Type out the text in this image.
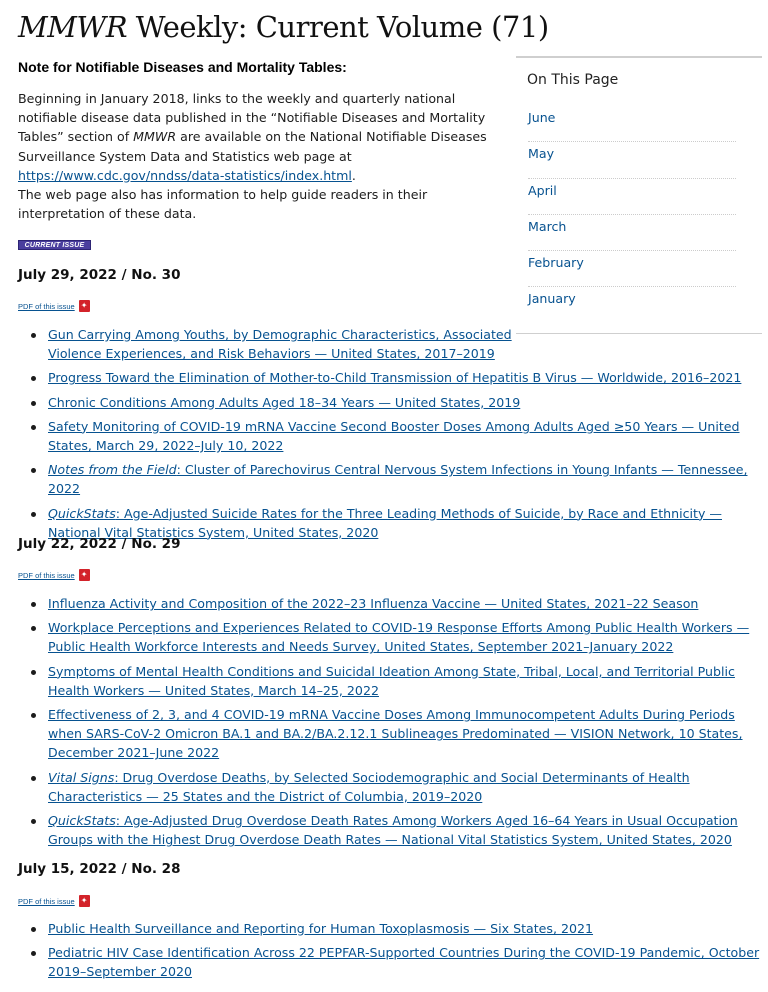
MMWR Weekly: Current Volume (71)
Note for Notifiable Diseases and Mortality Tables:
Beginning in January 2018, links to the weekly and quarterly national notifiable disease data published in the “Notifiable Diseases and Mortality Tables” section of MMWR are available on the National Notifiable Diseases Surveillance System Data and Statistics web page at https://www.cdc.gov/nndss/data-statistics/index.html.
The web page also has information to help guide readers in their interpretation of these data.
CURRENT ISSUE
July 29, 2022 / No. 30
PDF of this issue✦
Gun Carrying Among Youths, by Demographic Characteristics, Associated Violence Experiences, and Risk Behaviors — United States, 2017–2019
Progress Toward the Elimination of Mother-to-Child Transmission of Hepatitis B Virus — Worldwide, 2016–2021
Chronic Conditions Among Adults Aged 18–34 Years — United States, 2019
Safety Monitoring of COVID-19 mRNA Vaccine Second Booster Doses Among Adults Aged ≥50 Years — United States, March 29, 2022–July 10, 2022
Notes from the Field: Cluster of Parechovirus Central Nervous System Infections in Young Infants — Tennessee, 2022
QuickStats: Age-Adjusted Suicide Rates for the Three Leading Methods of Suicide, by Race and Ethnicity — National Vital Statistics System, United States, 2020
July 22, 2022 / No. 29
PDF of this issue✦
Influenza Activity and Composition of the 2022–23 Influenza Vaccine — United States, 2021–22 Season
Workplace Perceptions and Experiences Related to COVID-19 Response Efforts Among Public Health Workers — Public Health Workforce Interests and Needs Survey, United States, September 2021–January 2022
Symptoms of Mental Health Conditions and Suicidal Ideation Among State, Tribal, Local, and Territorial Public Health Workers — United States, March 14–25, 2022
Effectiveness of 2, 3, and 4 COVID-19 mRNA Vaccine Doses Among Immunocompetent Adults During Periods when SARS-CoV-2 Omicron BA.1 and BA.2/BA.2.12.1 Sublineages Predominated — VISION Network, 10 States, December 2021–June 2022
Vital Signs: Drug Overdose Deaths, by Selected Sociodemographic and Social Determinants of Health Characteristics — 25 States and the District of Columbia, 2019–2020
QuickStats: Age-Adjusted Drug Overdose Death Rates Among Workers Aged 16–64 Years in Usual Occupation Groups with the Highest Drug Overdose Death Rates — National Vital Statistics System, United States, 2020
July 15, 2022 / No. 28
PDF of this issue✦
Public Health Surveillance and Reporting for Human Toxoplasmosis — Six States, 2021
Pediatric HIV Case Identification Across 22 PEPFAR-Supported Countries During the COVID-19 Pandemic, October 2019–September 2020
On This Page
June
May
April
March
February
January
